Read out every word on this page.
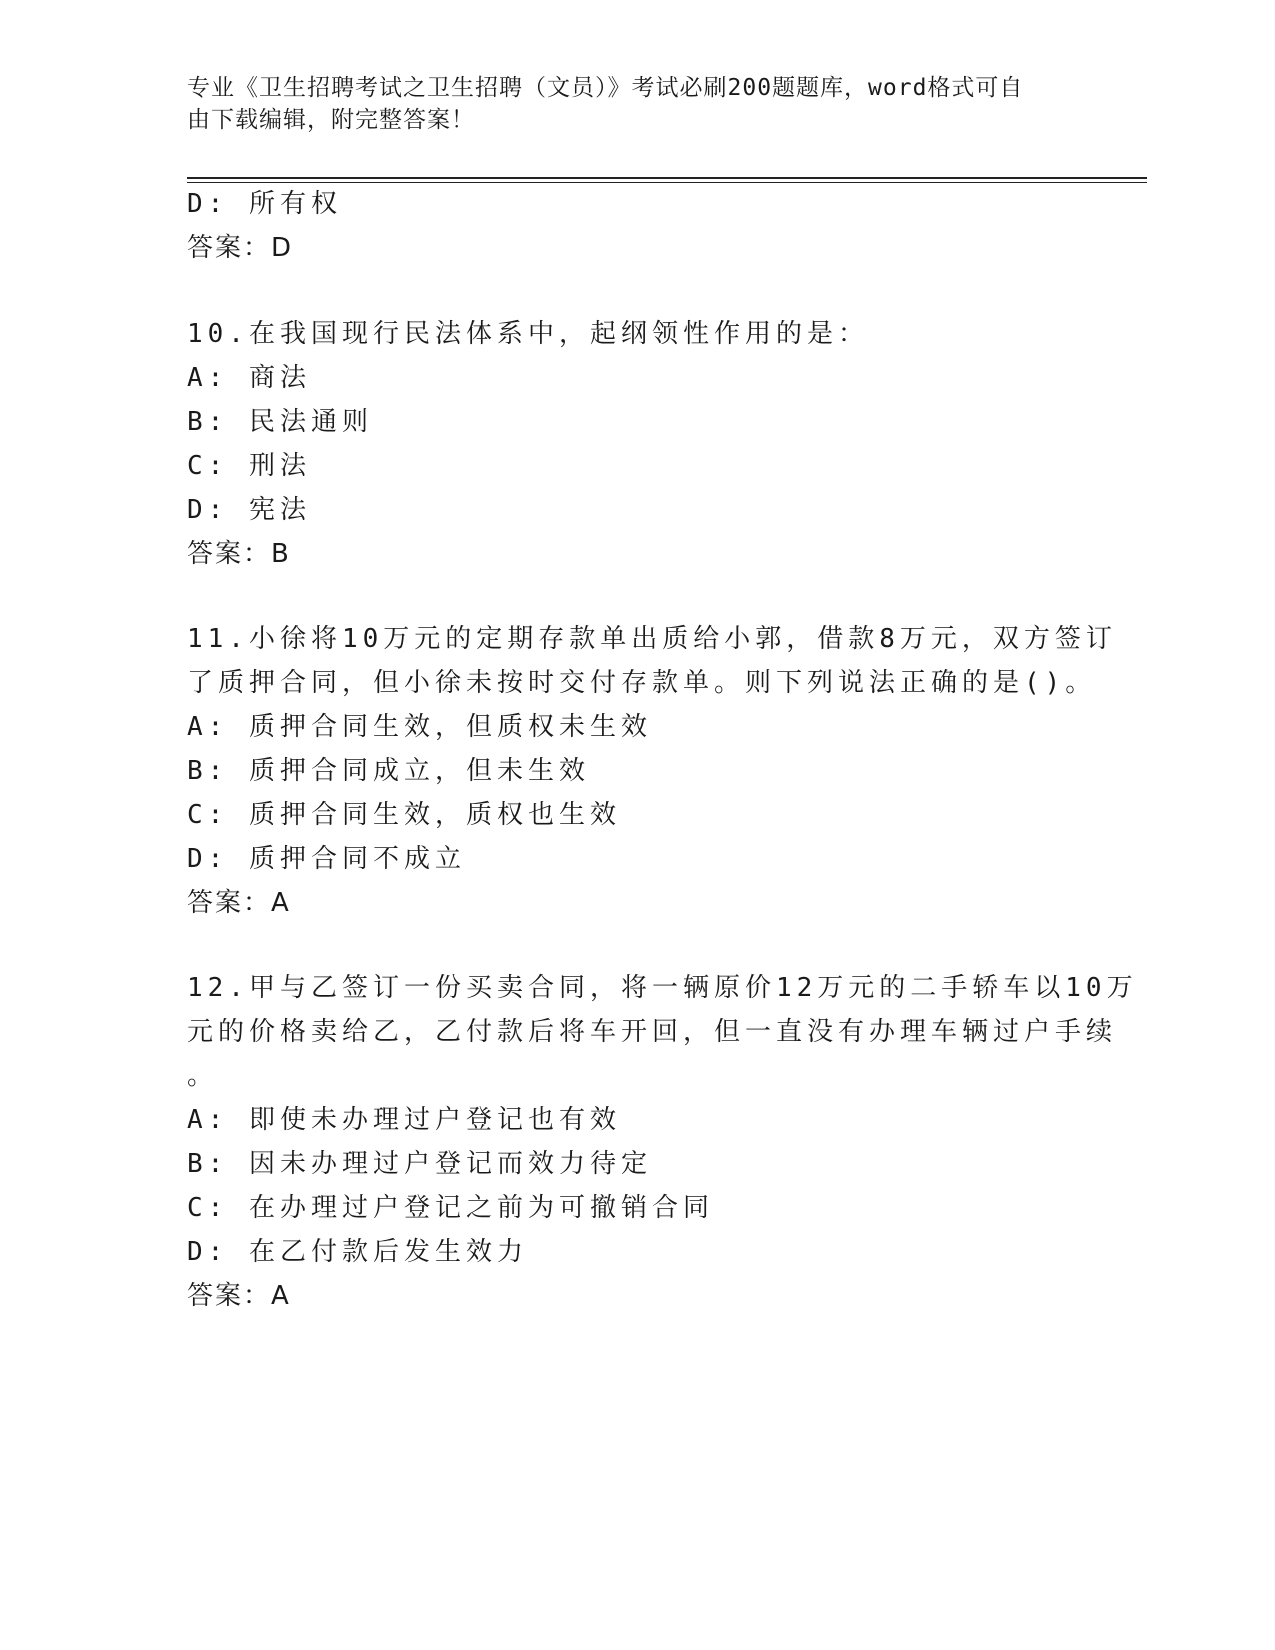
专业《卫生招聘考试之卫生招聘（文员）》考试必刷200题题库，word格式可自
由下载编辑，附完整答案！
D: 所有权
答案：D
10.在我国现行民法体系中，起纲领性作用的是：
A: 商法
B: 民法通则
C: 刑法
D: 宪法
答案：B
11.小徐将10万元的定期存款单出质给小郭，借款8万元，双方签订
了质押合同，但小徐未按时交付存款单。则下列说法正确的是()。
A: 质押合同生效，但质权未生效
B: 质押合同成立，但未生效
C: 质押合同生效，质权也生效
D: 质押合同不成立
答案：A
12.甲与乙签订一份买卖合同，将一辆原价12万元的二手轿车以10万
元的价格卖给乙，乙付款后将车开回，但一直没有办理车辆过户手续
。
A: 即使未办理过户登记也有效
B: 因未办理过户登记而效力待定
C: 在办理过户登记之前为可撤销合同
D: 在乙付款后发生效力
答案：A
